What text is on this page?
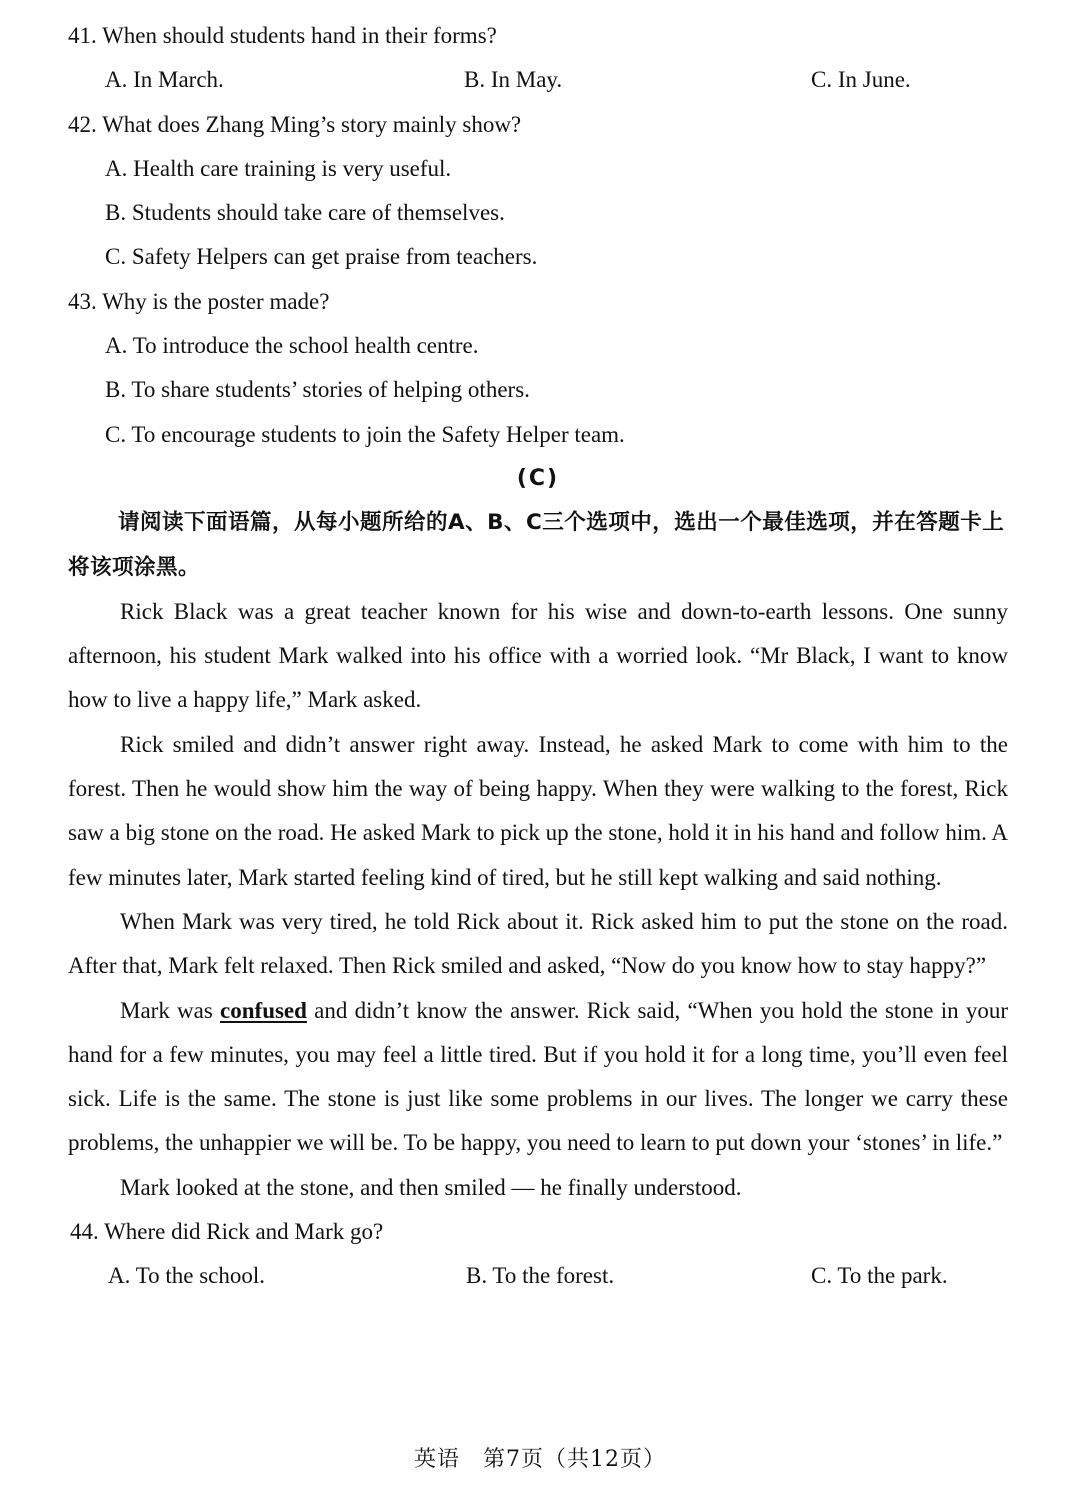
41. When should students hand in their forms?
A. In March.	B. In May.	C. In June.
42. What does Zhang Ming’s story mainly show?
A. Health care training is very useful.
B. Students should take care of themselves.
C. Safety Helpers can get praise from teachers.
43. Why is the poster made?
A. To introduce the school health centre.
B. To share students’ stories of helping others.
C. To encourage students to join the Safety Helper team.
(C)

请阅读下面语篇，从每小题所给的A、B、C三个选项中，选出一个最佳选项，并在答题卡上将该项涂黑。

Rick Black was a great teacher known for his wise and down-to-earth lessons. One sunny afternoon, his student Mark walked into his office with a worried look. “Mr Black, I want to know how to live a happy life,” Mark asked.

Rick smiled and didn’t answer right away. Instead, he asked Mark to come with him to the forest. Then he would show him the way of being happy. When they were walking to the forest, Rick saw a big stone on the road. He asked Mark to pick up the stone, hold it in his hand and follow him. A few minutes later, Mark started feeling kind of tired, but he still kept walking and said nothing.

When Mark was very tired, he told Rick about it. Rick asked him to put the stone on the road. After that, Mark felt relaxed. Then Rick smiled and asked, “Now do you know how to stay happy?”

Mark was confused and didn’t know the answer. Rick said, “When you hold the stone in your hand for a few minutes, you may feel a little tired. But if you hold it for a long time, you’ll even feel sick. Life is the same. The stone is just like some problems in our lives. The longer we carry these problems, the unhappier we will be. To be happy, you need to learn to put down your ‘stones’ in life.”

Mark looked at the stone, and then smiled — he finally understood.

44. Where did Rick and Mark go?
A. To the school.	B. To the forest.	C. To the park.
英语　第7页（共12页）
